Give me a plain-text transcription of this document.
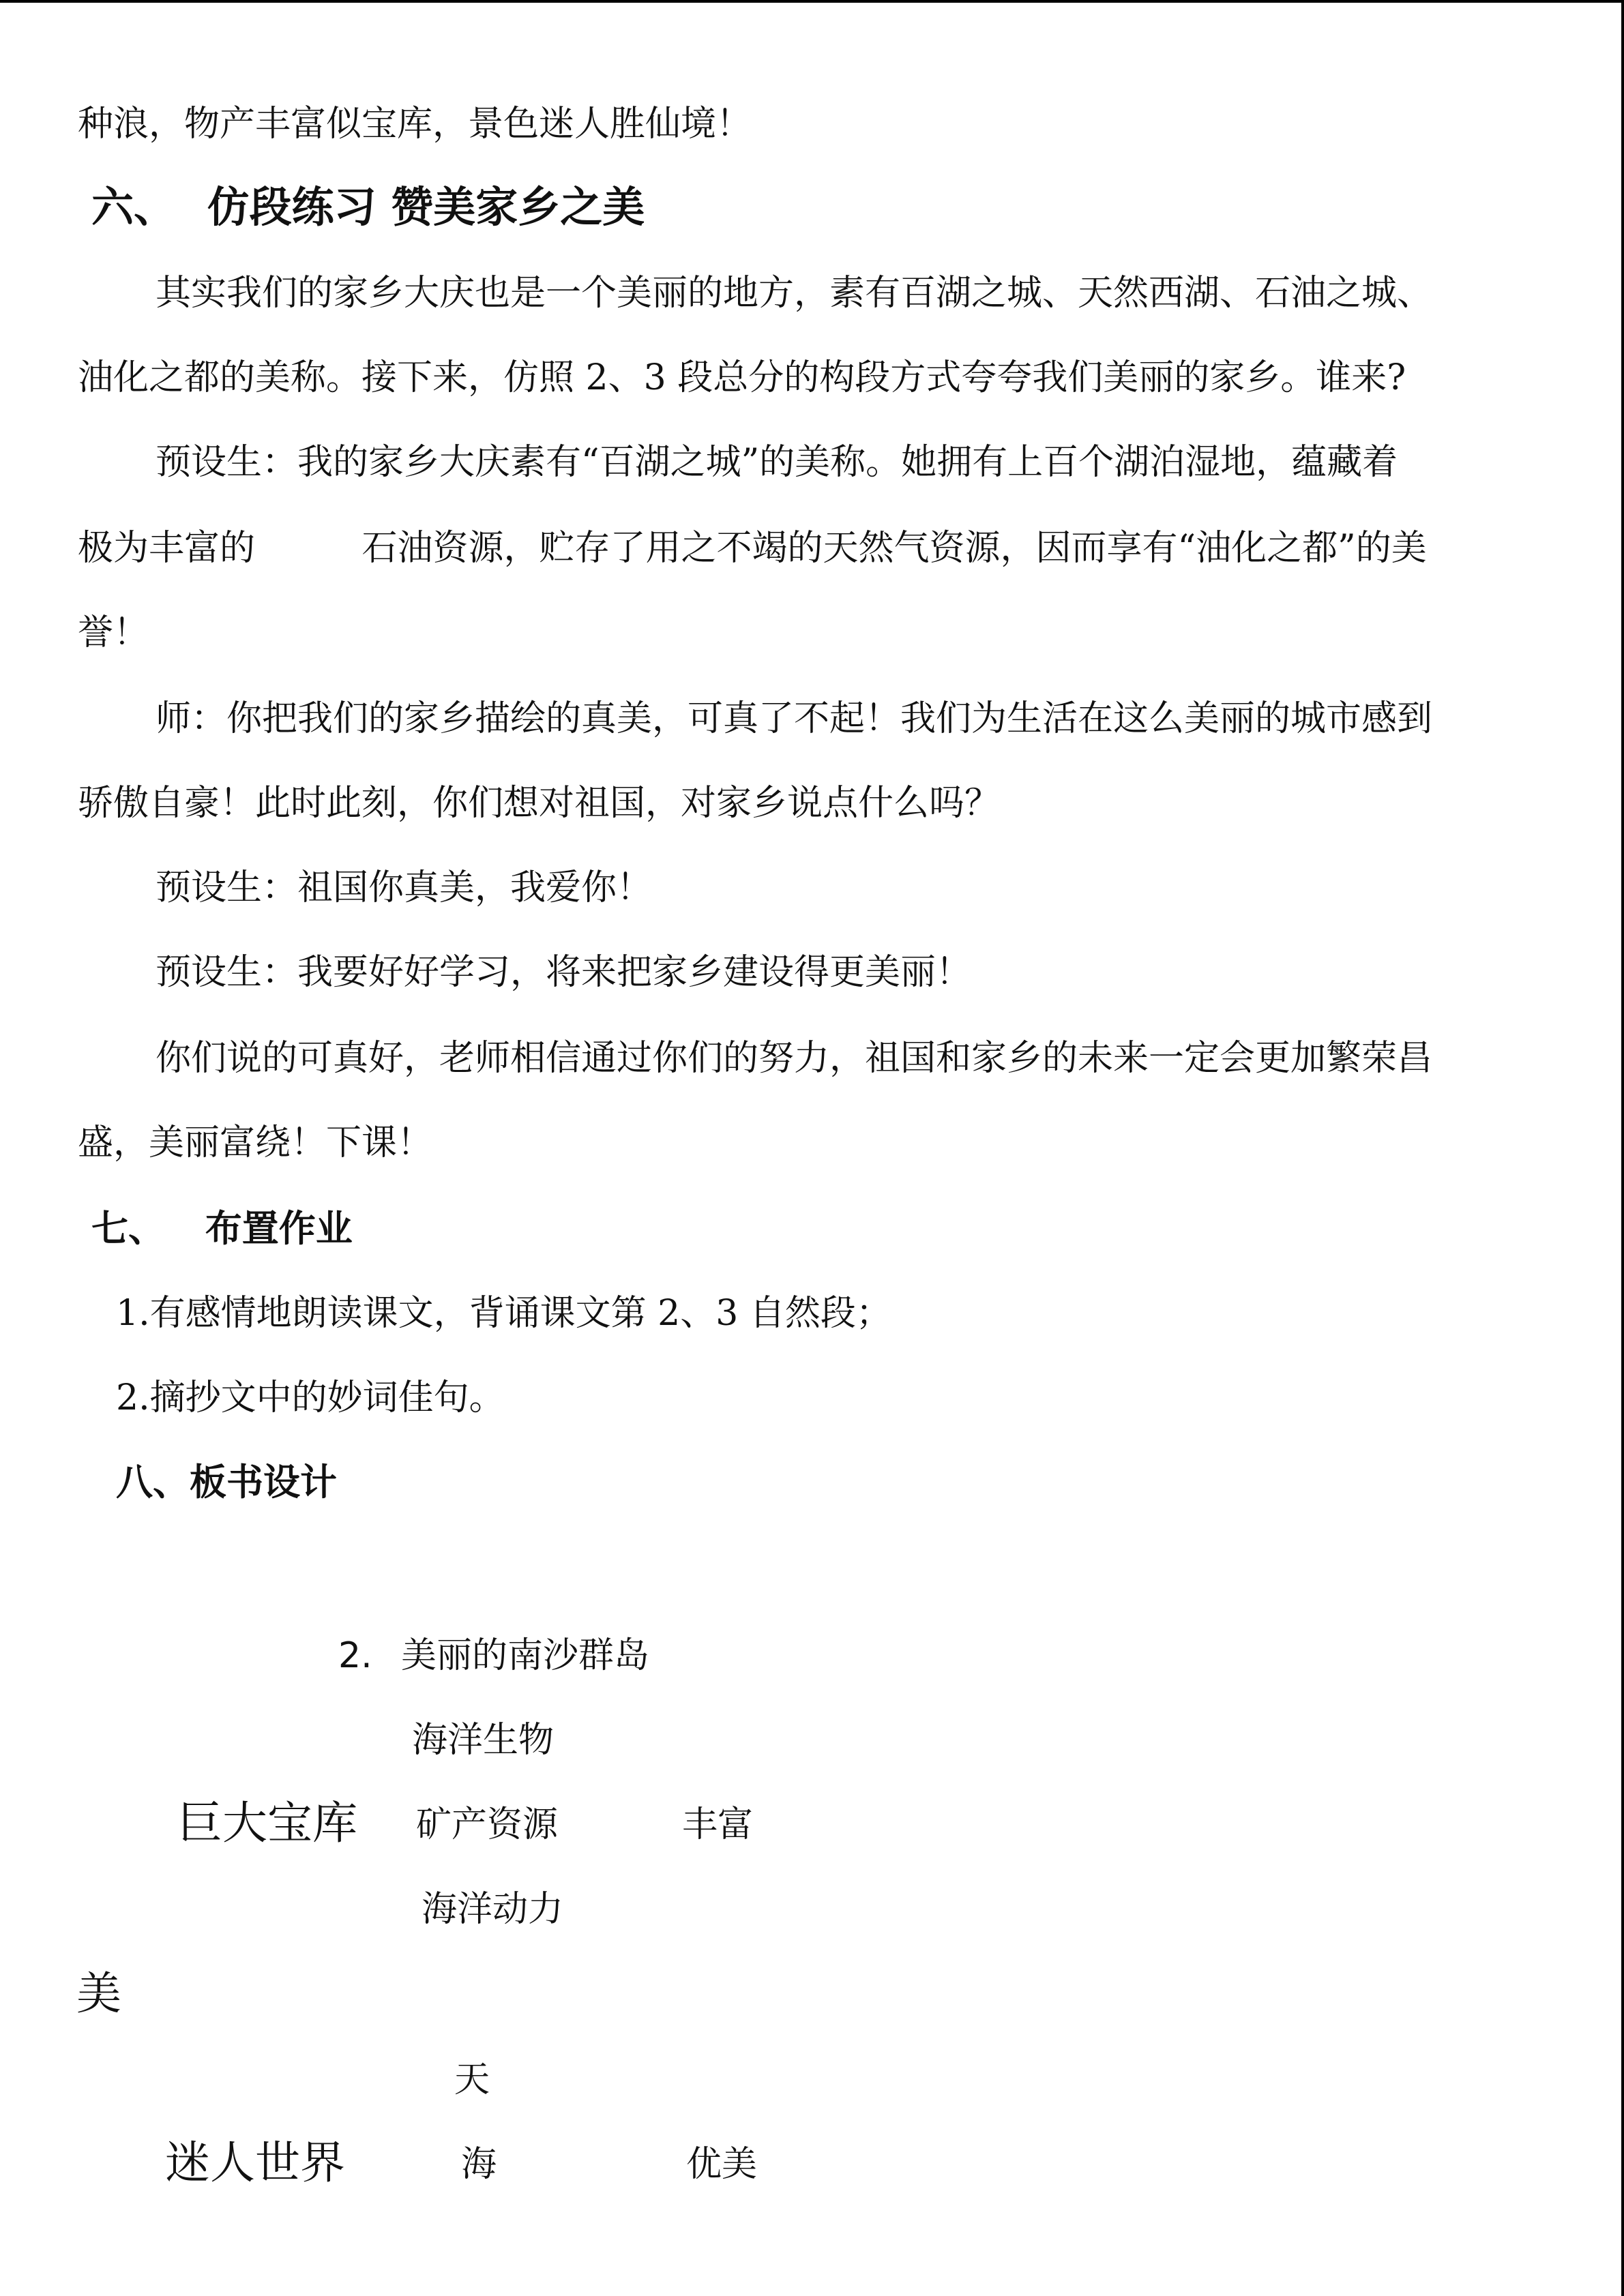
种浪，物产丰富似宝库，景色迷人胜仙境！
六、 仿段练习 赞美家乡之美
其实我们的家乡大庆也是一个美丽的地方，素有百湖之城、天然西湖、石油之城、
油化之都的美称。接下来，仿照 2、3 段总分的构段方式夸夸我们美丽的家乡。谁来?
预设生：我的家乡大庆素有“百湖之城”的美称。她拥有上百个湖泊湿地，蕴藏着
极为丰富的	石油资源，贮存了用之不竭的天然气资源，因而享有“油化之都”的美
誉！
师：你把我们的家乡描绘的真美，可真了不起！我们为生活在这么美丽的城市感到
骄傲自豪！此时此刻，你们想对祖国，对家乡说点什么吗？
预设生：祖国你真美，我爱你！
预设生：我要好好学习，将来把家乡建设得更美丽！
你们说的可真好，老师相信通过你们的努力，祖国和家乡的未来一定会更加繁荣昌
盛，美丽富绕！下课！
七、 布置作业
1.有感情地朗读课文，背诵课文第 2、3 自然段；
2.摘抄文中的妙词佳句。
八、板书设计
2. 美丽的南沙群岛
海洋生物
巨大宝库 矿产资源	丰富
海洋动力
美
天
迷人世界	海	优美
